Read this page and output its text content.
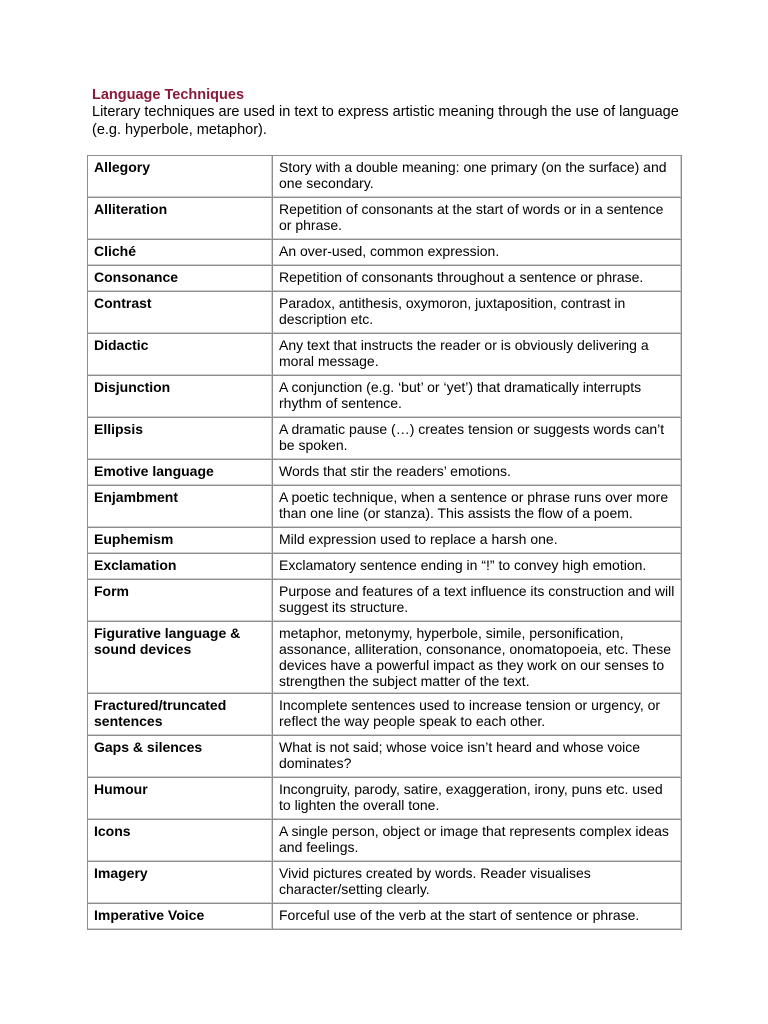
Language Techniques
Literary techniques are used in text to express artistic meaning through the use of language (e.g. hyperbole, metaphor).
Allegory	Story with a double meaning: one primary (on the surface) and one secondary.
Alliteration	Repetition of consonants at the start of words or in a sentence or phrase.
Cliché	An over-used, common expression.
Consonance	Repetition of consonants throughout a sentence or phrase.
Contrast	Paradox, antithesis, oxymoron, juxtaposition, contrast in description etc.
Didactic	Any text that instructs the reader or is obviously delivering a moral message.
Disjunction	A conjunction (e.g. ‘but’ or ‘yet’) that dramatically interrupts rhythm of sentence.
Ellipsis	A dramatic pause (…) creates tension or suggests words can’t be spoken.
Emotive language	Words that stir the readers’ emotions.
Enjambment	A poetic technique, when a sentence or phrase runs over more than one line (or stanza). This assists the flow of a poem.
Euphemism	Mild expression used to replace a harsh one.
Exclamation	Exclamatory sentence ending in “!” to convey high emotion.
Form	Purpose and features of a text influence its construction and will suggest its structure.
Figurative language & sound devices	metaphor, metonymy, hyperbole, simile, personification, assonance, alliteration, consonance, onomatopoeia, etc. These devices have a powerful impact as they work on our senses to strengthen the subject matter of the text.
Fractured/truncated sentences	Incomplete sentences used to increase tension or urgency, or reflect the way people speak to each other.
Gaps & silences	What is not said; whose voice isn’t heard and whose voice dominates?
Humour	Incongruity, parody, satire, exaggeration, irony, puns etc. used to lighten the overall tone.
Icons	A single person, object or image that represents complex ideas and feelings.
Imagery	Vivid pictures created by words. Reader visualises character/setting clearly.
Imperative Voice	Forceful use of the verb at the start of sentence or phrase.
